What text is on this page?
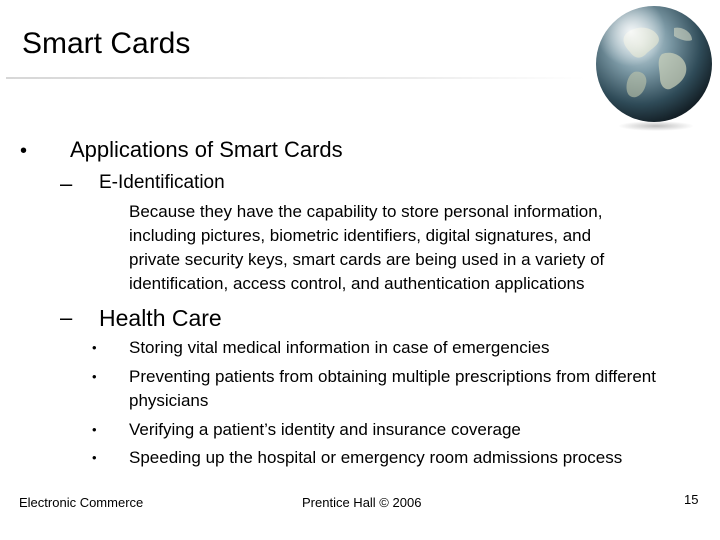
Smart Cards
• Applications of Smart Cards
– E-Identification

Because they have the capability to store personal information,
including pictures, biometric identifiers, digital signatures, and
private security keys, smart cards are being used in a variety of
identification, access control, and authentication applications

– Health Care
• Storing vital medical information in case of emergencies
• Preventing patients from obtaining multiple prescriptions from different physicians
• Verifying a patient’s identity and insurance coverage
• Speeding up the hospital or emergency room admissions process
Electronic Commerce	Prentice Hall © 2006	15
